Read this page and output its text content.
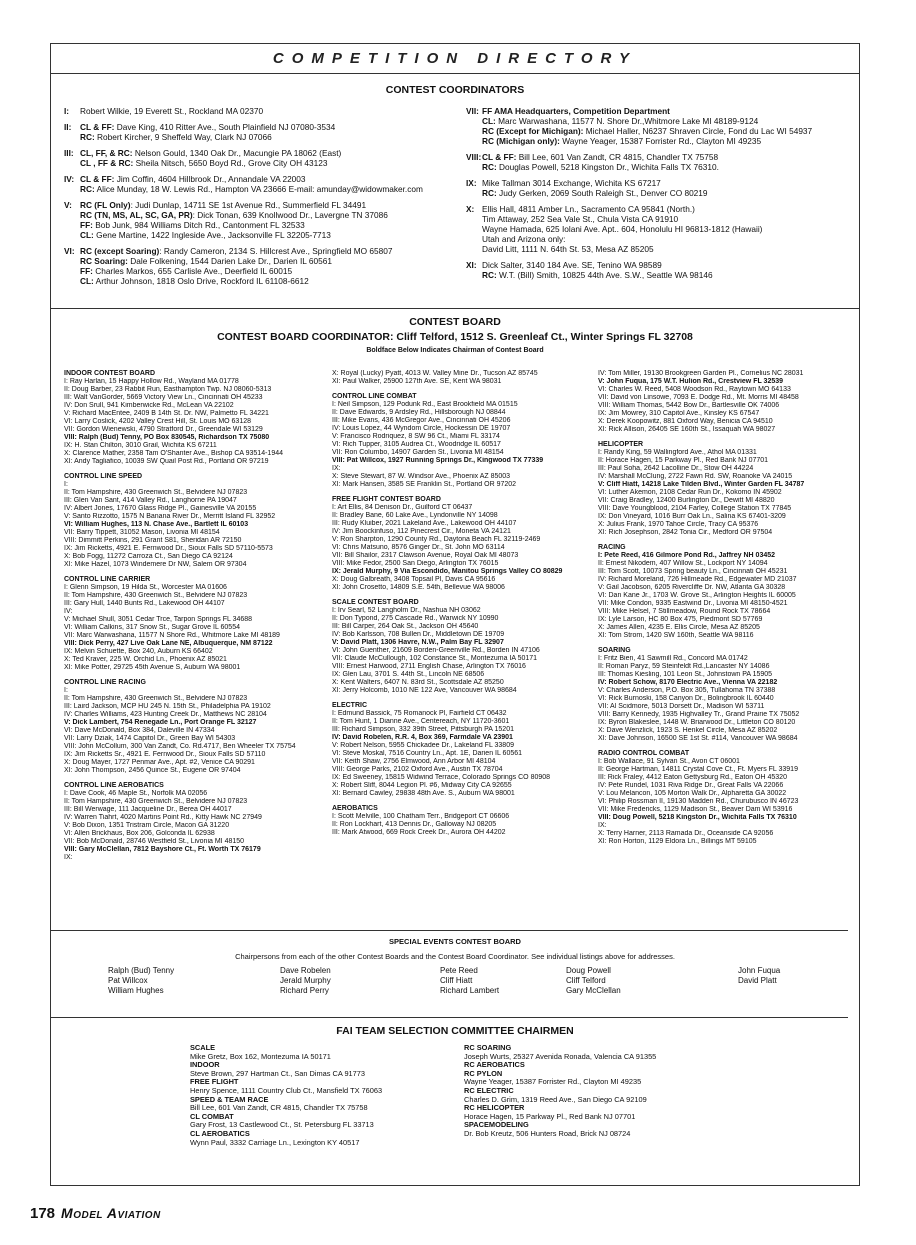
COMPETITION DIRECTORY
CONTEST COORDINATORS
I:	Robert Wilkie, 19 Everett St., Rockland MA 02370
II:	CL & FF: Dave King, 410 Ritter Ave., South Plainfield NJ 07080-3534
RC: Robert Kircher, 9 Sheffeld Way, Clark NJ 07066
III: CL, FF, & RC: Nelson Gould, 1340 Oak Dr., Macungie PA 18062 (East)
CL , FF & RC: Sheila Nitsch, 5650 Boyd Rd., Grove City OH 43123
IV: CL & FF: Jim Coffin, 4604 Hillbrook Dr., Annandale VA 22003
RC: Alice Munday, 18 W. Lewis Rd., Hampton VA 23666 E-mail: amunday@widowmaker.com
V: RC (FL Only): Judi Dunlap, 14711 SE 1st Avenue Rd., Summerfield FL 34491
RC (TN, MS, AL, SC, GA, PR): Dick Tonan, 639 Knollwood Dr., Lavergne TN 37086
FF: Bob Junk, 984 Williams Ditch Rd., Cantonment FL 32533
CL: Gene Martine, 1422 Ingleside Ave., Jacksonville FL 32205-7713
VI: RC (except Soaring): Randy Cameron, 2134 S. Hillcrest Ave., Springfield MO 65807
RC Soaring: Dale Folkening, 1544 Darien Lake Dr., Darien IL 60561
FF: Charles Markos, 655 Carlisle Ave., Deerfield IL 60015
CL: Arthur Johnson, 1818 Oslo Drive, Rockford IL 61108-6612
VII: FF AMA Headquarters, Competition Department
CL: Marc Warwashana, 11577 N. Shore Dr.,Whitmore Lake MI 48189-9124
RC (Except for Michigan): Michael Haller, N6237 Shraven Circle, Fond du Lac WI 54937
RC (Michigan only): Wayne Yeager, 15387 Forrister Rd., Clayton MI 49235
VIII: CL & FF: Bill Lee, 601 Van Zandt, CR 4815, Chandler TX 75758
RC: Douglas Powell, 5218 Kingston Dr., Wichita Falls TX 76310.
IX: Mike Tallman 3014 Exchange, Wichita KS 67217
RC: Judy Gerken, 2069 South Raleigh St., Denver CO 80219
X: Ellis Hall, 4811 Amber Ln., Sacramento CA 95841 (North.)
Tim Attaway, 252 Sea Vale St., Chula Vista CA 91910
Wayne Hamada, 625 Iolani Ave. Apt.. 604, Honolulu HI 96813-1812 (Hawaii)
Utah and Arizona only:
David Litt, 1111 N. 64th St. 53, Mesa AZ 85205
XI: Dick Salter, 3140 184 Ave. SE, Tenino WA 98589
RC: W.T. (Bill) Smith, 10825 44th Ave. S.W., Seattle WA 98146
CONTEST BOARD
CONTEST BOARD COORDINATOR: Cliff Telford, 1512 S. Greenleaf Ct., Winter Springs FL 32708
Boldface Below Indicates Chairman of Contest Board
INDOOR CONTEST BOARD
I: Ray Harlan, 15 Happy Hollow Rd., Wayland MA 01778
II: Doug Barber, 23 Rabbit Run, Easthampton Twp. NJ 08060-5313
III: Walt VanGorder, 5669 Victory View Ln., Cincinnati OH 45233
IV: Don Srull, 941 Kimberwicke Rd., McLean VA 22102
V: Richard MacEntee, 2409 B 14th St. Dr. NW, Palmetto FL 34221
VI: Larry Coslick, 4202 Valley Crest Hill, St. Louis MO 63128
VII: Gordon Wienewski, 4790 Stratford Dr., Greendale WI 53129
VIII: Ralph (Bud) Tenny, PO Box 830545, Richardson TX 75080
IX: H. Stan Chilton, 3010 Grail, Wichita KS 67211
X: Clarence Mather, 2358 Tam O'Shanter Ave., Bishop CA 93514-1944
XI: Andy Tagliafico, 10039 SW Quail Post Rd., Portland OR 97219
CONTROL LINE SPEED
I:
II: Tom Hampshire, 430 Greenwich St., Belvidere NJ 07823
III: Glen Van Sant, 414 Valley Rd., Langhorne PA 19047
IV: Albert Jones, 17670 Glass Ridge Pl., Gainesville VA 20155
V: Santo Rizzotto, 1575 N Banana River Dr., Merritt Island FL 32952
VI: William Hughes, 113 N. Chase Ave., Bartlett IL 60103
VII: Barry Tippett, 31052 Mason, Livonia MI 48154
VIII: Dimmitt Perkins, 291 Grant S81, Sheridan AR 72150
IX: Jim Ricketts, 4921 E. Fernwood Dr., Sioux Falls SD 57110-5573
X: Bob Fogg, 11272 Carroza Ct., San Diego CA 92124
XI: Mike Hazel, 1073 Windemere Dr NW, Salem OR 97304
CONTROL LINE CARRIER
I: Glenn Simpson, 19 Hilda St., Worcester MA 01606
II: Tom Hampshire, 430 Greenwich St., Belvidere NJ 07823
III: Gary Hull, 1440 Bunts Rd., Lakewood OH 44107
IV:
V: Michael Shull, 3051 Cedar Trce, Tarpon Springs FL 34688
VI: William Calkins, 317 Snow St., Sugar Grove IL 60554
VII: Marc Warwashana, 11577 N Shore Rd., Whitmore Lake MI 48189
VIII: Dick Perry, 427 Live Oak Lane NE, Albuquerque, NM 87122
IX: Melvin Schuette, Box 240, Auburn KS 66402
X: Ted Kraver, 225 W. Orchid Ln., Phoenix AZ 85021
XI: Mike Potter, 29725 45th Avenue S, Auburn WA 98001
CONTROL LINE RACING
I:
II: Tom Hampshire, 430 Greenwich St., Belvidere NJ 07823
III: Laird Jackson, MCP HU 245 N. 15th St., Philadelphia PA 19102
IV: Charles Williams, 423 Hunting Creek Dr., Matthews NC 28104
V: Dick Lambert, 754 Renegade Ln., Port Orange FL 32127
VI: Dave McDonald, Box 384, Daleville IN 47334
VII: Larry Dziak, 1474 Capitol Dr., Green Bay WI 54303
VIII: John McCollum, 300 Van Zandt, Co. Rd.4717, Ben Wheeler TX 75754
IX: Jim Ricketts Sr., 4921 E. Fernwood Dr., Sioux Falls SD 57110
X: Doug Mayer, 1727 Penmar Ave., Apt. #2, Venice CA 90291
XI: John Thompson, 2456 Quince St., Eugene OR 97404
CONTROL LINE AEROBATICS
I: Dave Cook, 46 Maple St., Norfolk MA 02056
II: Tom Hampshire, 430 Greenwich St., Belvidere NJ 07823
III: Bill Werwage, 111 Jacqueline Dr., Berea OH 44017
IV: Warren Tiahrt, 4020 Martins Point Rd., Kitty Hawk NC 27949
V: Bob Dixon, 1351 Tristram Circle, Macon GA 31220
VI: Allen Brickhaus, Box 206, Golconda IL 62938
VII: Bob McDonald, 28746 Westfield St., Livonia MI 48150
VIII: Gary McClellan, 7812 Bayshore Ct., Ft. Worth TX 76179
IX:
X: Royal (Lucky) Pyatt, 4013 W. Valley Mine Dr., Tucson AZ 85745
XI: Paul Walker, 25900 127th Ave. SE, Kent WA 98031
CONTROL LINE COMBAT
I: Neil Simpson, 129 Podunk Rd., East Brookfield MA 01515
II: Dave Edwards, 9 Ardsley Rd., Hillsborough NJ 08844
III: Mike Evans, 436 McGregor Ave., Cincinnati OH 45206
IV: Louis Lopez, 44 Wyndom Circle, Hockessin DE 19707
V: Francisco Rodriquez, 8 SW 96 Ct., Miami FL 33174
VI: Rich Tupper, 3105 Audrea Ct., Woodridge IL 60517
VII: Ron Columbo, 14907 Garden St., Livonia MI 48154
VIII: Pat Willcox, 1927 Running Springs Dr., Kingwood TX 77339
IX:
X: Steve Stewart, 87 W. Windsor Ave., Phoenix AZ 85003
XI: Mark Hansen, 3585 SE Franklin St., Portland OR 97202
FREE FLIGHT CONTEST BOARD
I: Art Ellis, 84 Denison Dr., Guilford CT 06437
II: Bradley Bane, 60 Lake Ave., Lyndonville NY 14098
III: Rudy Kluiber, 2021 Lakeland Ave., Lakewood OH 44107
IV: Jim Boockinfuso, 112 Pinecrest Cir., Moneta VA 24121
V: Ron Sharpton, 1290 County Rd., Daytona Beach FL 32119-2469
VI: Chris Matsuno, 8576 Ginger Dr., St. John MO 63114
VII: Bill Shailor, 2317 Clawson Avenue, Royal Oak MI 48073
VIII: Mike Fedor, 2500 San Diego, Arlington TX 76015
IX: Jerald Murphy, 9 Via Escondido, Manitou Springs Valley CO 80829
X: Doug Galbreath, 3408 Topsail Pl, Davis CA 95616
XI: John Crosetto, 14809 S.E. 54th, Bellevue WA 98006
SCALE CONTEST BOARD
I: Irv Searl, 52 Langholm Dr., Nashua NH 03062
II: Don Typond, 275 Cascade Rd., Warwick NY 10990
III: Bill Carper, 264 Oak St., Jackson OH 45640
IV: Bob Karlsson, 708 Bullen Dr., Middletown DE 19709
V: David Platt, 1306 Havre, N.W., Palm Bay FL 32907
VI: John Guenther, 21609 Borden-Greenville Rd., Borden IN 47106
VII: Claude McCullough, 102 Constance St., Montezuma IA 50171
VIII: Ernest Harwood, 2711 English Chase, Arlington TX 76016
IX: Glen Lau, 3701 S. 44th St., Lincoln NE 68506
X: Kent Walters, 6407 N. 83rd St., Scottsdale AZ 85250
XI: Jerry Holcomb, 1010 NE 122 Ave, Vancouver WA 98684
ELECTRIC
I: Edmund Bassick, 75 Romanock Pl, Fairfield CT 06432
II: Tom Hunt, 1 Dianne Ave., Centereach, NY 11720-3601
III: Richard Simpson, 332 39th Street, Pittsburgh PA 15201
IV: David Robelen, R.R. 4, Box 369, Farmdale VA 23901
V: Robert Nelson, 5955 Chickadee Dr., Lakeland FL 33809
VI: Steve Moskal, 7516 Country Ln., Apt. 1E, Darien IL 60561
VII: Keith Shaw, 2756 Elmwood, Ann Arbor MI 48104
VIII: George Parks, 2102 Oxford Ave., Austin TX 78704
IX: Ed Sweeney, 15815 Widwind Terrace, Colorado Springs CO 80908
X: Robert Sliff, 8044 Legion Pl. #6, Midway City CA 92655
XI: Bernard Cawley, 29838 48th Ave. S., Auburn WA 98001
AEROBATICS
I: Scott Melville, 100 Chatham Terr., Bridgeport CT 06606
II: Ron Lockhart, 413 Dennis Dr., Galloway NJ 08205
III: Mark Atwood, 669 Rock Creek Dr., Aurora OH 44202
IV: Tom Miller, 19130 Brookgreen Garden Pl., Cornelius NC 28031
V: John Fuqua, 175 W.T. Hulion Rd., Crestview FL 32539
VI: Charles W. Reed, 5408 Woodson Rd., Raytown MO 64133
VII: David von Linsowe, 7093 E. Dodge Rd., Mt. Morris MI 48458
VIII: William Thomas, 5442 Bow Dr., Bartlesville OK 74006
IX: Jim Mowrey, 310 Capitol Ave., Kinsley KS 67547
X: Derek Koopowitz, 881 Oxford Way, Benicia CA 94510
XI: Rick Allison, 26405 SE 160th St., Issaquah WA 98027
HELICOPTER
I: Randy King, 59 Wallingford Ave., Athol MA 01331
II: Horace Hagen, 15 Parkway Pl., Red Bank NJ 07701
III: Paul Soha, 2642 Lacolline Dr., Stow OH 44224
IV: Marshall McClung, 2722 Fawn Rd. SW, Roanoke VA 24015
V: Cliff Hiatt, 14218 Lake Tilden Blvd., Winter Garden FL 34787
VI: Luther Akemon, 2108 Cedar Run Dr., Kokomo IN 45902
VII: Craig Bradley, 12400 Burlington Dr., Dewitt MI 48820
VIII: Dave Youngblood, 2104 Farley, College Station TX 77845
IX: Don Vineyard, 1016 Burr Oak Ln., Salina KS 67401-3209
X: Julius Frank, 1970 Tahoe Circle, Tracy CA 95376
XI: Rich Josephson, 2842 Tonia Cir., Medford OR 97504
RACING
I: Pete Reed, 416 Gilmore Pond Rd., Jaffrey NH 03452
II: Ernest Nikodem, 407 Willow St., Lockport NY 14094
III: Tom Scott, 10073 Spring beauty Ln., Cincinnati OH 45231
IV: Richard Moreland, 726 Hillmeade Rd., Edgewater MD 21037
V: Gail Jacobson, 6205 Rivercliffe Dr. NW, Atlanta GA 30328
VI: Dan Kane Jr., 1703 W. Grove St., Arlington Heights IL 60005
VII: Mike Condon, 9335 Eastwind Dr., Livonia MI 48150-4521
VIII: Mike Helsel, 7 Stillmeadow, Round Rock TX 78664
IX: Lyle Larson, HC 80 Box 475, Piedmont SD 57769
X: James Allen, 4235 E. Ellis Circle, Mesa AZ 85205
XI: Tom Strom, 1420 SW 160th, Seattle WA 98116
SOARING
I: Fritz Bien, 41 Sawmill Rd., Concord MA 01742
II: Roman Paryz, 59 Steinfeldt Rd.,Lancaster NY 14086
III: Thomas Kiesling, 101 Leon St., Johnstown PA 15905
IV: Robert Schow, 8170 Electric Ave., Vienna VA 22182
V: Charles Anderson, P.O. Box 305, Tullahoma TN 37388
VI: Rick Burnoski, 158 Canyon Dr., Bolingbrook IL 60440
VII: Al Scidmore, 5013 Dorsett Dr., Madison WI 53711
VIII: Barry Kennedy, 1935 Highvalley Tr., Grand Prairie TX 75052
IX: Byron Blakeslee, 1448 W. Briarwood Dr., Littleton CO 80120
X: Dave Wenzlick, 1923 S. Henkel Circle, Mesa AZ 85202
XI: Dave Johnson, 16500 SE 1st St. #114, Vancouver WA 98684
RADIO CONTROL COMBAT
I: Bob Wallace, 91 Sylvan St., Avon CT 06001
II: George Hartman, 14811 Crystal Cove Ct., Ft. Myers FL 33919
III: Rick Fraley, 4412 Eaton Gettysburg Rd., Eaton OH 45320
IV: Pete Rundel, 1031 Riva Ridge Dr., Great Falls VA 22066
V: Lou Melancon, 105 Morton Walk Dr., Alpharetta GA 30022
VI: Philip Rossman II, 19130 Madden Rd., Churubusco IN 46723
VII: Mike Fredericks, 1129 Madison St., Beaver Dam WI 53916
VIII: Doug Powell, 5218 Kingston Dr., Wichita Falls TX 76310
IX:
X: Terry Harner, 2113 Ramada Dr., Oceanside CA 92056
XI: Ron Horton, 1129 Eldora Ln., Billings MT 59105
SPECIAL EVENTS CONTEST BOARD
Chairpersons from each of the other Contest Boards and the Contest Board Coordinator. See individual listings above for addresses.
Ralph (Bud) Tenny
Pat Willcox
William Hughes
Dave Robelen
Jerald Murphy
Richard Perry
Pete Reed
Cliff Hiatt
Richard Lambert
Doug Powell
Cliff Telford
Gary McClellan
John Fuqua
David Platt
FAI TEAM SELECTION COMMITTEE CHAIRMEN
SCALE
Mike Gretz, Box 162, Montezuma IA 50171
INDOOR
Steve Brown, 297 Hartman Ct., San Dimas CA 91773
FREE FLIGHT
Henry Spence, 1111 Country Club Ct., Mansfield TX 76063
SPEED & TEAM RACE
Bill Lee, 601 Van Zandt, CR 4815, Chandler TX 75758
CL COMBAT
Gary Frost, 13 Castlewood Ct., St. Petersburg FL 33713
CL AEROBATICS
Wynn Paul, 3332 Carriage Ln., Lexington KY 40517
RC SOARING
Joseph Wurts, 25327 Avenida Ronada, Valencia CA 91355
RC AEROBATICS
RC PYLON
Wayne Yeager, 15387 Forrister Rd., Clayton MI 49235
RC ELECTRIC
Charles D. Grim, 1319 Reed Ave., San Diego CA 92109
RC HELICOPTER
Horace Hagen, 15 Parkway Pl., Red Bank NJ 07701
SPACEMODELING
Dr. Bob Kreutz, 506 Hunters Road, Brick NJ 08724
178 Model Aviation
